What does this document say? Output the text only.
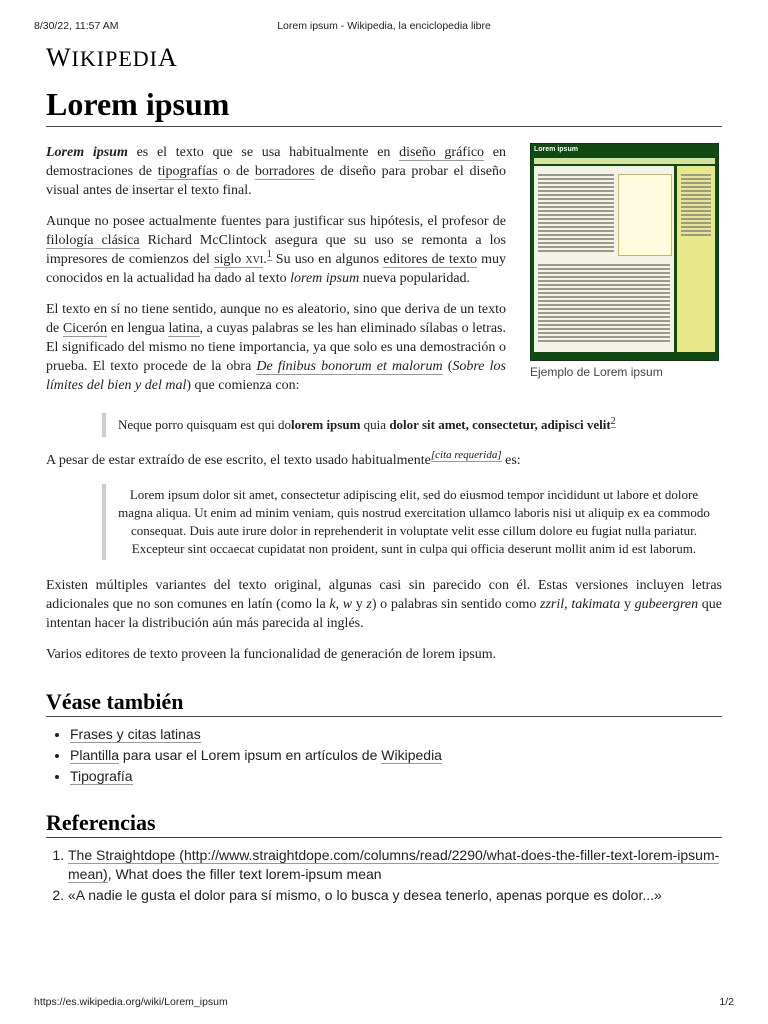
8/30/22, 11:57 AM	Lorem ipsum - Wikipedia, la enciclopedia libre
WIKIPEDIA
Lorem ipsum
Lorem ipsum
Ejemplo de Lorem ipsum

Lorem ipsum es el texto que se usa habitualmente en diseño gráfico en demostraciones de tipografías o de borradores de diseño para probar el diseño visual antes de insertar el texto final.

Aunque no posee actualmente fuentes para justificar sus hipótesis, el profesor de filología clásica Richard McClintock asegura que su uso se remonta a los impresores de comienzos del siglo xvi.$^1$ Su uso en algunos editores de texto muy conocidos en la actualidad ha dado al texto lorem ipsum nueva popularidad.

El texto en sí no tiene sentido, aunque no es aleatorio, sino que deriva de un texto de Cicerón en lengua latina, a cuyas palabras se les han eliminado sílabas o letras. El significado del mismo no tiene importancia, ya que solo es una demostración o prueba. El texto procede de la obra De finibus bonorum et malorum (Sobre los límites del bien y del mal) que comienza con:

Neque porro quisquam est qui dolorem ipsum quia dolor sit amet, consectetur, adipisci velit$^2$

A pesar de estar extraído de ese escrito, el texto usado habitualmente[cita requerida] es:

Lorem ipsum dolor sit amet, consectetur adipiscing elit, sed do eiusmod tempor incididunt ut labore et dolore magna aliqua. Ut enim ad minim veniam, quis nostrud exercitation ullamco laboris nisi ut aliquip ex ea commodo consequat. Duis aute irure dolor in reprehenderit in voluptate velit esse cillum dolore eu fugiat nulla pariatur. Excepteur sint occaecat cupidatat non proident, sunt in culpa qui officia deserunt mollit anim id est laborum.

Existen múltiples variantes del texto original, algunas casi sin parecido con él. Estas versiones incluyen letras adicionales que no son comunes en latín (como la k, w y z) o palabras sin sentido como zzril, takimata y gubeergren que intentan hacer la distribución aún más parecida al inglés.

Varios editores de texto proveen la funcionalidad de generación de lorem ipsum.

Véase también
• Frases y citas latinas
• Plantilla para usar el Lorem ipsum en artículos de Wikipedia
• Tipografía
Referencias
1. The Straightdope (http://www.straightdope.com/columns/read/2290/what-does-the-filler-text-lorem-ipsum-mean), What does the filler text lorem-ipsum mean
2. «A nadie le gusta el dolor para sí mismo, o lo busca y desea tenerlo, apenas porque es dolor...»
https://es.wikipedia.org/wiki/Lorem_ipsum	1/2
